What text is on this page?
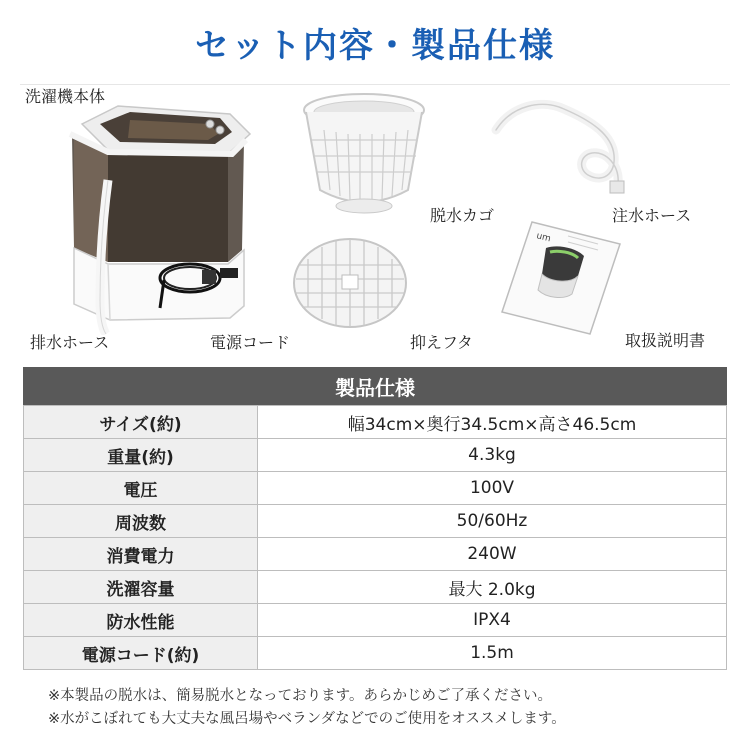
セット内容・製品仕様
洗濯機本体
排水ホース	電源コード
脱水カゴ	注水ホース
抑えフタ
um
取扱説明書
製品仕様
サイズ(約)	幅34cm×奥行34.5cm×高さ46.5cm
重量(約)	4.3kg
電圧	100V
周波数	50/60Hz
消費電力	240W
洗濯容量	最大 2.0kg
防水性能	IPX4
電源コード(約)	1.5m
※本製品の脱水は、簡易脱水となっております。あらかじめご了承ください。
※水がこぼれても大丈夫な風呂場やベランダなどでのご使用をオススメします。
